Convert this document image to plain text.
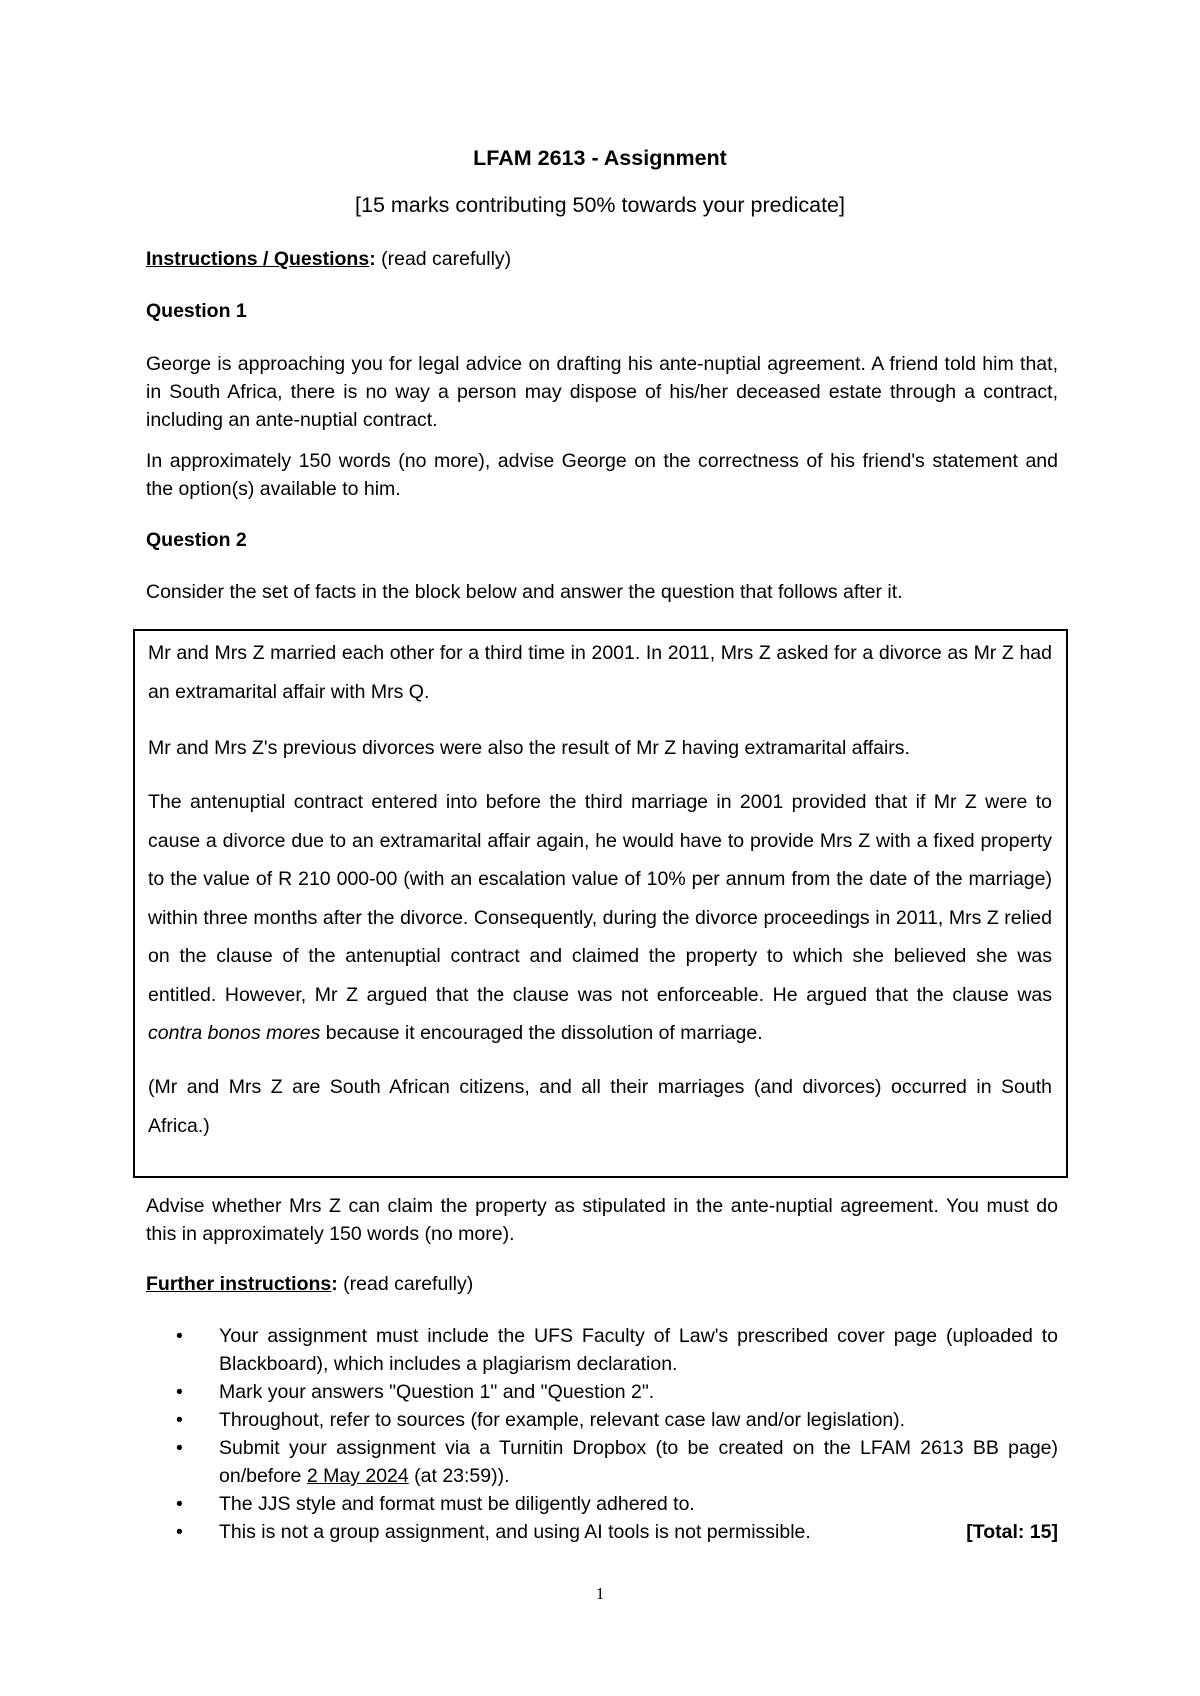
LFAM 2613 - Assignment
[15 marks contributing 50% towards your predicate]
Instructions / Questions: (read carefully)
Question 1
George is approaching you for legal advice on drafting his ante-nuptial agreement. A friend told him that, in South Africa, there is no way a person may dispose of his/her deceased estate through a contract, including an ante-nuptial contract.
In approximately 150 words (no more), advise George on the correctness of his friend's statement and the option(s) available to him.
Question 2
Consider the set of facts in the block below and answer the question that follows after it.
Mr and Mrs Z married each other for a third time in 2001. In 2011, Mrs Z asked for a divorce as Mr Z had an extramarital affair with Mrs Q.
Mr and Mrs Z's previous divorces were also the result of Mr Z having extramarital affairs.
The antenuptial contract entered into before the third marriage in 2001 provided that if Mr Z were to cause a divorce due to an extramarital affair again, he would have to provide Mrs Z with a fixed property to the value of R 210 000-00 (with an escalation value of 10% per annum from the date of the marriage) within three months after the divorce. Consequently, during the divorce proceedings in 2011, Mrs Z relied on the clause of the antenuptial contract and claimed the property to which she believed she was entitled. However, Mr Z argued that the clause was not enforceable. He argued that the clause was contra bonos mores because it encouraged the dissolution of marriage.
(Mr and Mrs Z are South African citizens, and all their marriages (and divorces) occurred in South Africa.)
Advise whether Mrs Z can claim the property as stipulated in the ante-nuptial agreement. You must do this in approximately 150 words (no more).
Further instructions: (read carefully)
• Your assignment must include the UFS Faculty of Law's prescribed cover page (uploaded to Blackboard), which includes a plagiarism declaration.
• Mark your answers "Question 1" and "Question 2".
• Throughout, refer to sources (for example, relevant case law and/or legislation).
• Submit your assignment via a Turnitin Dropbox (to be created on the LFAM 2613 BB page) on/before 2 May 2024 (at 23:59)).
• The JJS style and format must be diligently adhered to.
• This is not a group assignment, and using AI tools is not permissible.	[Total: 15]
1
